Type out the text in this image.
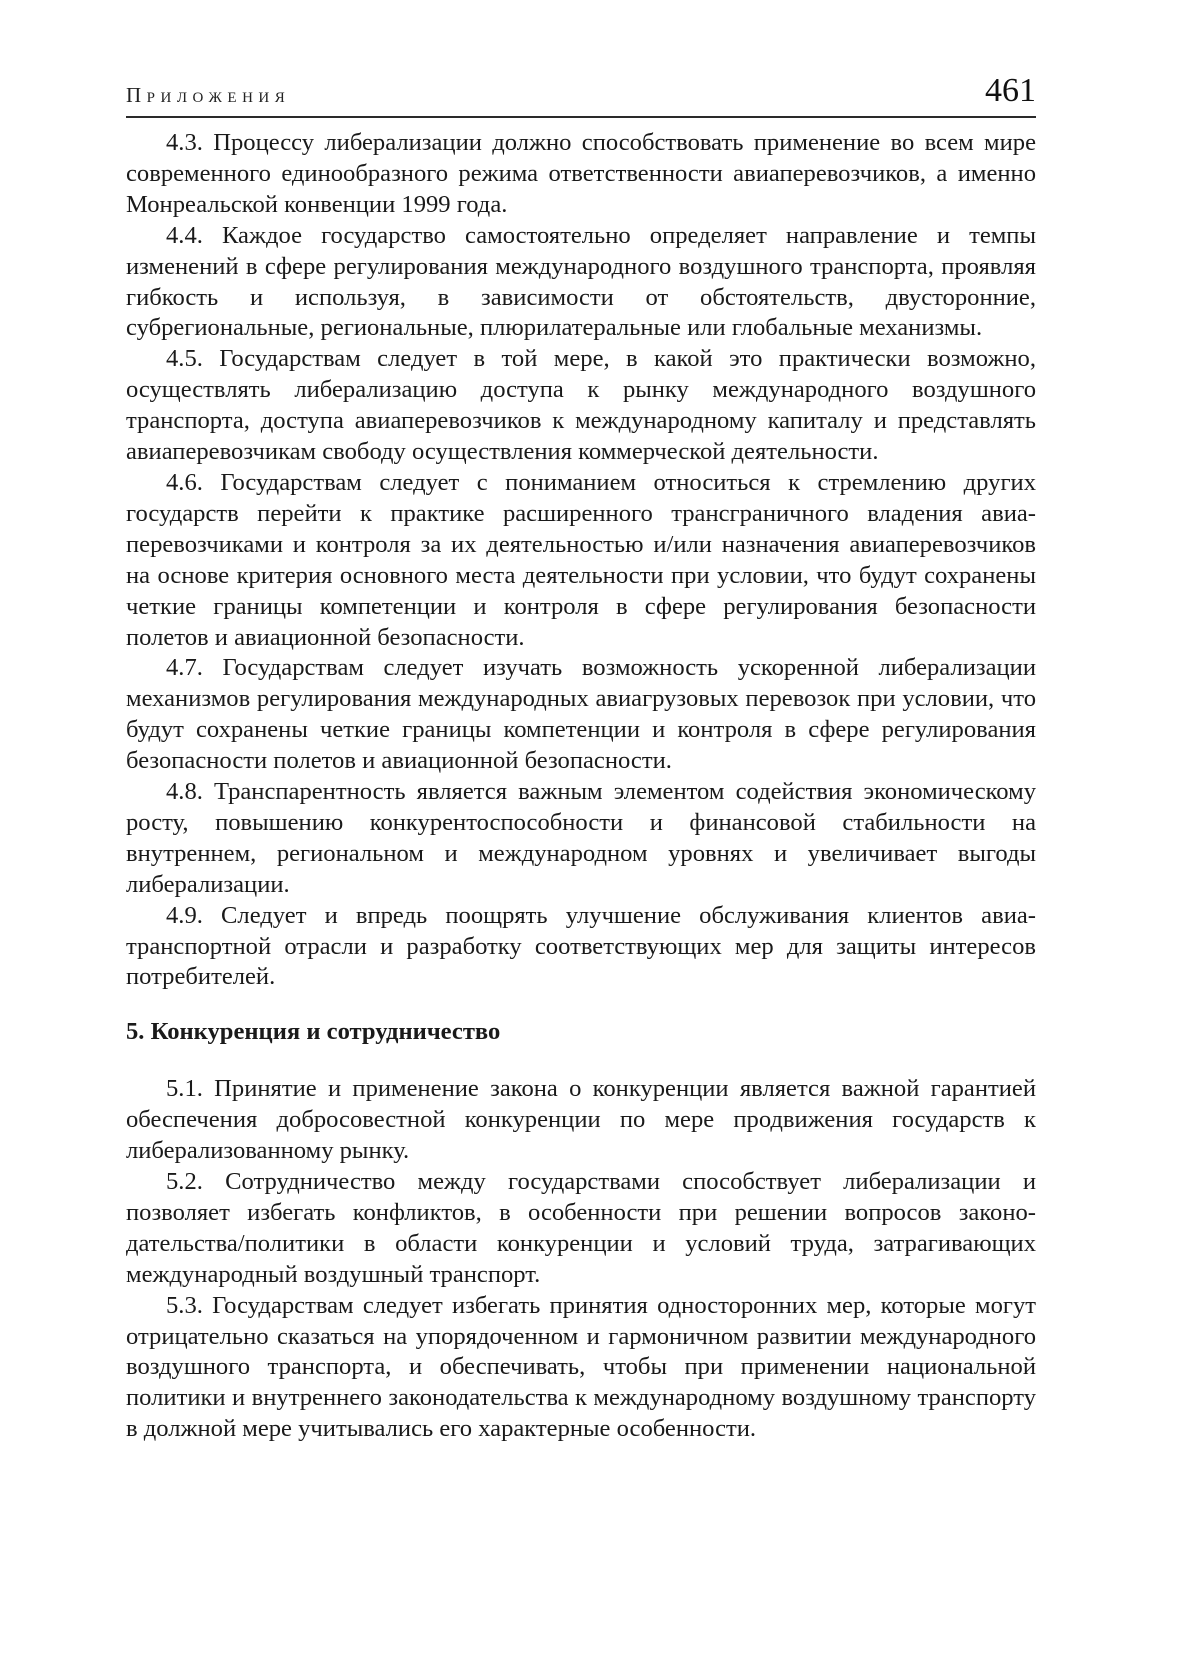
Приложения	461

4.3. Процессу либерализации должно способствовать применение во всем мире современного единообразного режима ответственности авиаперевозчиков, а именно Монреальской конвенции 1999 года.

4.4. Каждое государство самостоятельно определяет направление и темпы изменений в сфере регулирования международного воздушного транспорта, проявляя гибкость и используя, в зависимости от обстоятельств, двусторонние, субрегиональные, региональные, плюрилатеральные или глобальные механизмы.

4.5. Государствам следует в той мере, в какой это практически возможно, осуществлять либерализацию доступа к рынку международного воздушного транспорта, доступа авиаперевозчиков к международному капиталу и представлять авиаперевозчикам свободу осуществления коммерческой деятельности.

4.6. Государствам следует с пониманием относиться к стремлению других государств перейти к практике расширенного трансграничного владения авиаперевозчиками и контроля за их деятельностью и/или назначения авиаперевозчиков на основе критерия основного места деятельности при условии, что будут сохранены четкие границы компетенции и контроля в сфере регулирования безопасности полетов и авиационной безопасности.

4.7. Государствам следует изучать возможность ускоренной либерализации механизмов регулирования международных авиагрузовых перевозок при условии, что будут сохранены четкие границы компетенции и контроля в сфере регулирования безопасности полетов и авиационной безопасности.

4.8. Транспарентность является важным элементом содействия экономическому росту, повышению конкурентоспособности и финансовой стабильности на внутреннем, региональном и международном уровнях и увеличивает выгоды либерализации.

4.9. Следует и впредь поощрять улучшение обслуживания клиентов авиатранспортной отрасли и разработку соответствующих мер для защиты интересов потребителей.

5. Конкуренция и сотрудничество

5.1. Принятие и применение закона о конкуренции является важной гарантией обеспечения добросовестной конкуренции по мере продвижения государств к либерализованному рынку.

5.2. Сотрудничество между государствами способствует либерализации и позволяет избегать конфликтов, в особенности при решении вопросов законодательства/политики в области конкуренции и условий труда, затрагивающих международный воздушный транспорт.

5.3. Государствам следует избегать принятия односторонних мер, которые могут отрицательно сказаться на упорядоченном и гармоничном развитии международного воздушного транспорта, и обеспечивать, чтобы при применении национальной политики и внутреннего законодательства к международному воздушному транспорту в должной мере учитывались его характерные особенности.
